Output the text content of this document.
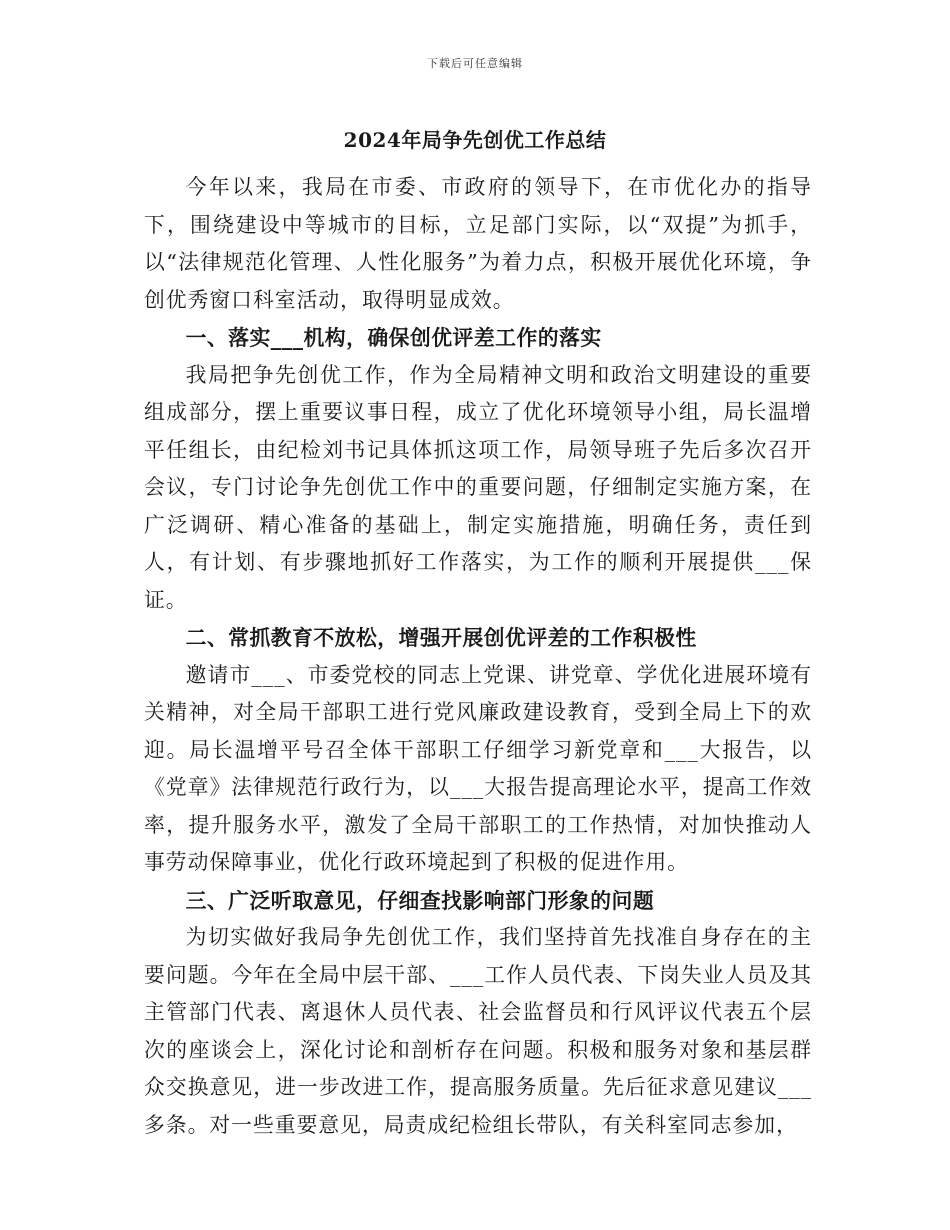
下载后可任意编辑
2024年局争先创优工作总结

今年以来，我局在市委、市政府的领导下，在市优化办的指导下，围绕建设中等城市的目标，立足部门实际，以“双提”为抓手，以“法律规范化管理、人性化服务”为着力点，积极开展优化环境，争创优秀窗口科室活动，取得明显成效。

一、落实___机构，确保创优评差工作的落实

我局把争先创优工作，作为全局精神文明和政治文明建设的重要组成部分，摆上重要议事日程，成立了优化环境领导小组，局长温增平任组长，由纪检刘书记具体抓这项工作，局领导班子先后多次召开会议，专门讨论争先创优工作中的重要问题，仔细制定实施方案，在广泛调研、精心准备的基础上，制定实施措施，明确任务，责任到人，有计划、有步骤地抓好工作落实，为工作的顺利开展提供___保证。

二、常抓教育不放松，增强开展创优评差的工作积极性

邀请市___、市委党校的同志上党课、讲党章、学优化进展环境有关精神，对全局干部职工进行党风廉政建设教育，受到全局上下的欢迎。局长温增平号召全体干部职工仔细学习新党章和___大报告，以《党章》法律规范行政行为，以___大报告提高理论水平，提高工作效率，提升服务水平，激发了全局干部职工的工作热情，对加快推动人事劳动保障事业，优化行政环境起到了积极的促进作用。

三、广泛听取意见，仔细查找影响部门形象的问题

为切实做好我局争先创优工作，我们坚持首先找准自身存在的主要问题。今年在全局中层干部、___工作人员代表、下岗失业人员及其主管部门代表、离退休人员代表、社会监督员和行风评议代表五个层次的座谈会上，深化讨论和剖析存在问题。积极和服务对象和基层群众交换意见，进一步改进工作，提高服务质量。先后征求意见建议___多条。对一些重要意见，局责成纪检组长带队，有关科室同志参加，
